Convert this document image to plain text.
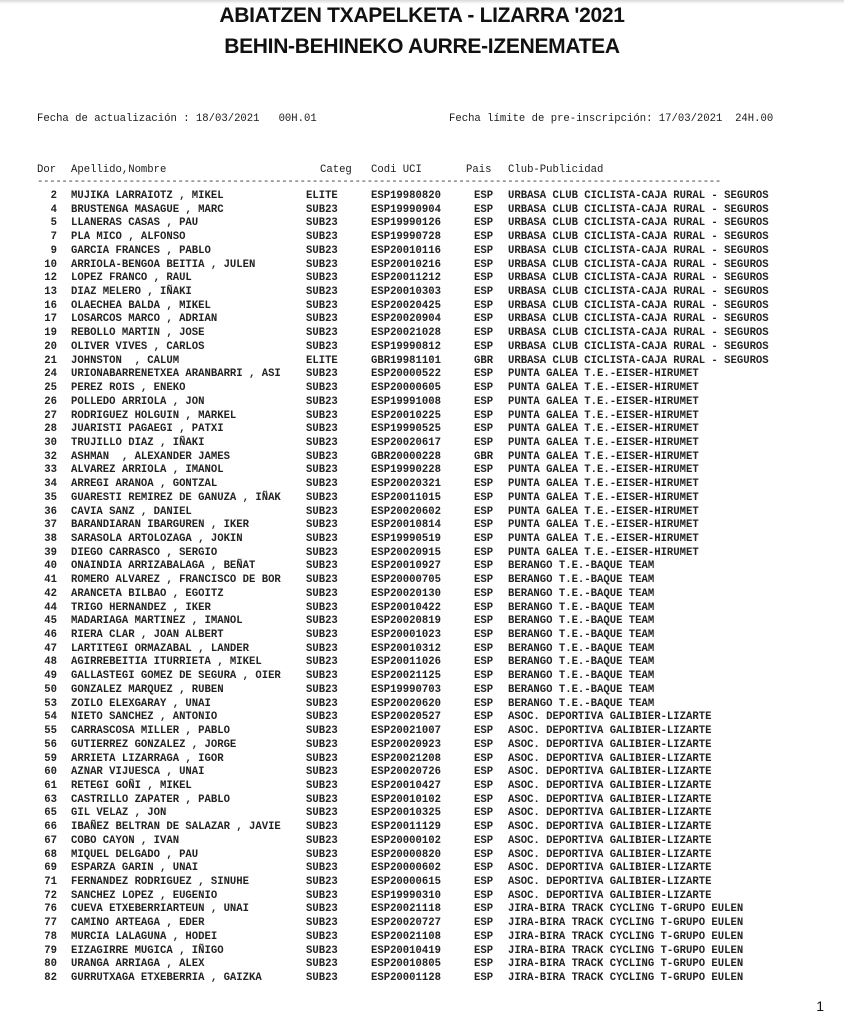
ABIATZEN TXAPELKETA - LIZARRA '2021
BEHIN-BEHINEKO AURRE-IZENEMATEA
Fecha de actualización : 18/03/2021   00H.01	Fecha límite de pre-inscripción: 17/03/2021  24H.00
Dor Apellido,Nombre	Categ Codi UCI	Pais Club-Publicidad
----------------------------------------------------------------------------------------------------------------
2 MUJIKA LARRAIOTZ , MIKEL	ELITE	ESP19980820	ESP URBASA CLUB CICLISTA-CAJA RURAL - SEGUROS
4 BRUSTENGA MASAGUE , MARC	SUB23	ESP19990904	ESP URBASA CLUB CICLISTA-CAJA RURAL - SEGUROS
5 LLANERAS CASAS , PAU	SUB23	ESP19990126	ESP URBASA CLUB CICLISTA-CAJA RURAL - SEGUROS
7 PLA MICO , ALFONSO	SUB23	ESP19990728	ESP URBASA CLUB CICLISTA-CAJA RURAL - SEGUROS
9 GARCIA FRANCES , PABLO	SUB23	ESP20010116	ESP URBASA CLUB CICLISTA-CAJA RURAL - SEGUROS
10 ARRIOLA-BENGOA BEITIA , JULEN	SUB23	ESP20010216	ESP URBASA CLUB CICLISTA-CAJA RURAL - SEGUROS
12 LOPEZ FRANCO , RAUL	SUB23	ESP20011212	ESP URBASA CLUB CICLISTA-CAJA RURAL - SEGUROS
13 DIAZ MELERO , IÑAKI	SUB23	ESP20010303	ESP URBASA CLUB CICLISTA-CAJA RURAL - SEGUROS
16 OLAECHEA BALDA , MIKEL	SUB23	ESP20020425	ESP URBASA CLUB CICLISTA-CAJA RURAL - SEGUROS
17 LOSARCOS MARCO , ADRIAN	SUB23	ESP20020904	ESP URBASA CLUB CICLISTA-CAJA RURAL - SEGUROS
19 REBOLLO MARTIN , JOSE	SUB23	ESP20021028	ESP URBASA CLUB CICLISTA-CAJA RURAL - SEGUROS
20 OLIVER VIVES , CARLOS	SUB23	ESP19990812	ESP URBASA CLUB CICLISTA-CAJA RURAL - SEGUROS
21 JOHNSTON  , CALUM	ELITE	GBR19981101	GBR URBASA CLUB CICLISTA-CAJA RURAL - SEGUROS
24 URIONABARRENETXEA ARANBARRI , ASI SUB23	ESP20000522	ESP PUNTA GALEA T.E.-EISER-HIRUMET
25 PEREZ ROIS , ENEKO	SUB23	ESP20000605	ESP PUNTA GALEA T.E.-EISER-HIRUMET
26 POLLEDO ARRIOLA , JON	SUB23	ESP19991008	ESP PUNTA GALEA T.E.-EISER-HIRUMET
27 RODRIGUEZ HOLGUIN , MARKEL	SUB23	ESP20010225	ESP PUNTA GALEA T.E.-EISER-HIRUMET
28 JUARISTI PAGAEGI , PATXI	SUB23	ESP19990525	ESP PUNTA GALEA T.E.-EISER-HIRUMET
30 TRUJILLO DIAZ , IÑAKI	SUB23	ESP20020617	ESP PUNTA GALEA T.E.-EISER-HIRUMET
32 ASHMAN  , ALEXANDER JAMES	SUB23	GBR20000228	GBR PUNTA GALEA T.E.-EISER-HIRUMET
33 ALVAREZ ARRIOLA , IMANOL	SUB23	ESP19990228	ESP PUNTA GALEA T.E.-EISER-HIRUMET
34 ARREGI ARANOA , GONTZAL	SUB23	ESP20020321	ESP PUNTA GALEA T.E.-EISER-HIRUMET
35 GUARESTI REMIREZ DE GANUZA , IÑAK SUB23	ESP20011015	ESP PUNTA GALEA T.E.-EISER-HIRUMET
36 CAVIA SANZ , DANIEL	SUB23	ESP20020602	ESP PUNTA GALEA T.E.-EISER-HIRUMET
37 BARANDIARAN IBARGUREN , IKER	SUB23	ESP20010814	ESP PUNTA GALEA T.E.-EISER-HIRUMET
38 SARASOLA ARTOLOZAGA , JOKIN	SUB23	ESP19990519	ESP PUNTA GALEA T.E.-EISER-HIRUMET
39 DIEGO CARRASCO , SERGIO	SUB23	ESP20020915	ESP PUNTA GALEA T.E.-EISER-HIRUMET
40 ONAINDIA ARRIZABALAGA , BEÑAT	SUB23	ESP20010927	ESP BERANGO T.E.-BAQUE TEAM
41 ROMERO ALVAREZ , FRANCISCO DE BOR SUB23	ESP20000705	ESP BERANGO T.E.-BAQUE TEAM
42 ARANCETA BILBAO , EGOITZ	SUB23	ESP20020130	ESP BERANGO T.E.-BAQUE TEAM
44 TRIGO HERNANDEZ , IKER	SUB23	ESP20010422	ESP BERANGO T.E.-BAQUE TEAM
45 MADARIAGA MARTINEZ , IMANOL	SUB23	ESP20020819	ESP BERANGO T.E.-BAQUE TEAM
46 RIERA CLAR , JOAN ALBERT	SUB23	ESP20001023	ESP BERANGO T.E.-BAQUE TEAM
47 LARTITEGI ORMAZABAL , LANDER	SUB23	ESP20010312	ESP BERANGO T.E.-BAQUE TEAM
48 AGIRREBEITIA ITURRIETA , MIKEL	SUB23	ESP20011026	ESP BERANGO T.E.-BAQUE TEAM
49 GALLASTEGI GOMEZ DE SEGURA , OIER SUB23	ESP20021125	ESP BERANGO T.E.-BAQUE TEAM
50 GONZALEZ MARQUEZ , RUBEN	SUB23	ESP19990703	ESP BERANGO T.E.-BAQUE TEAM
53 ZOILO ELEXGARAY , UNAI	SUB23	ESP20020620	ESP BERANGO T.E.-BAQUE TEAM
54 NIETO SANCHEZ , ANTONIO	SUB23	ESP20020527	ESP ASOC. DEPORTIVA GALIBIER-LIZARTE
55 CARRASCOSA MILLER , PABLO	SUB23	ESP20021007	ESP ASOC. DEPORTIVA GALIBIER-LIZARTE
56 GUTIERREZ GONZALEZ , JORGE	SUB23	ESP20020923	ESP ASOC. DEPORTIVA GALIBIER-LIZARTE
59 ARRIETA LIZARRAGA , IGOR	SUB23	ESP20021208	ESP ASOC. DEPORTIVA GALIBIER-LIZARTE
60 AZNAR VIJUESCA , UNAI	SUB23	ESP20020726	ESP ASOC. DEPORTIVA GALIBIER-LIZARTE
61 RETEGI GOÑI , MIKEL	SUB23	ESP20010427	ESP ASOC. DEPORTIVA GALIBIER-LIZARTE
63 CASTRILLO ZAPATER , PABLO	SUB23	ESP20010102	ESP ASOC. DEPORTIVA GALIBIER-LIZARTE
65 GIL VELAZ , JON	SUB23	ESP20010325	ESP ASOC. DEPORTIVA GALIBIER-LIZARTE
66 IBAÑEZ BELTRAN DE SALAZAR , JAVIE SUB23	ESP20011129	ESP ASOC. DEPORTIVA GALIBIER-LIZARTE
67 COBO CAYON , IVAN	SUB23	ESP20000102	ESP ASOC. DEPORTIVA GALIBIER-LIZARTE
68 MIQUEL DELGADO , PAU	SUB23	ESP20000820	ESP ASOC. DEPORTIVA GALIBIER-LIZARTE
69 ESPARZA GARIN , UNAI	SUB23	ESP20000602	ESP ASOC. DEPORTIVA GALIBIER-LIZARTE
71 FERNANDEZ RODRIGUEZ , SINUHE	SUB23	ESP20000615	ESP ASOC. DEPORTIVA GALIBIER-LIZARTE
72 SANCHEZ LOPEZ , EUGENIO	SUB23	ESP19990310	ESP ASOC. DEPORTIVA GALIBIER-LIZARTE
76 CUEVA ETXEBERRIARTEUN , UNAI	SUB23	ESP20021118	ESP JIRA-BIRA TRACK CYCLING T-GRUPO EULEN
77 CAMINO ARTEAGA , EDER	SUB23	ESP20020727	ESP JIRA-BIRA TRACK CYCLING T-GRUPO EULEN
78 MURCIA LALAGUNA , HODEI	SUB23	ESP20021108	ESP JIRA-BIRA TRACK CYCLING T-GRUPO EULEN
79 EIZAGIRRE MUGICA , IÑIGO	SUB23	ESP20010419	ESP JIRA-BIRA TRACK CYCLING T-GRUPO EULEN
80 URANGA ARRIAGA , ALEX	SUB23	ESP20010805	ESP JIRA-BIRA TRACK CYCLING T-GRUPO EULEN
82 GURRUTXAGA ETXEBERRIA , GAIZKA	SUB23	ESP20001128	ESP JIRA-BIRA TRACK CYCLING T-GRUPO EULEN
1
